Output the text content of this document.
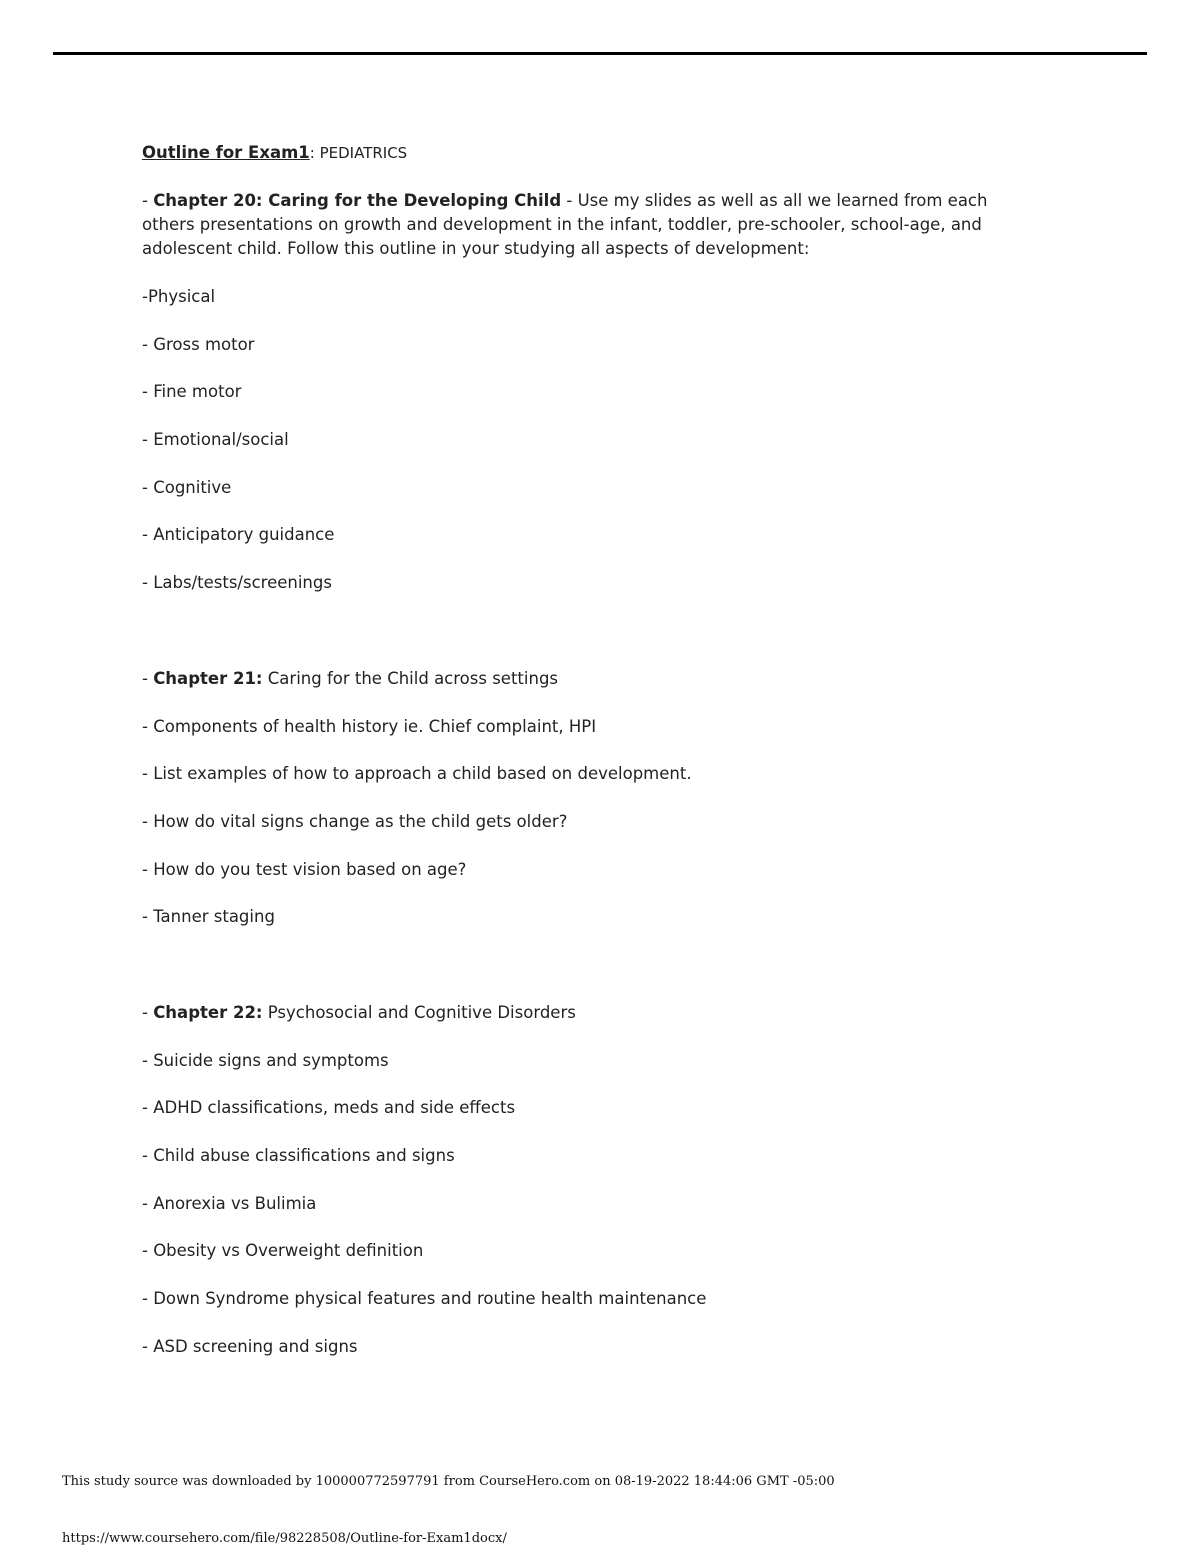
Outline for Exam1: PEDIATRICS

- Chapter 20: Caring for the Developing Child - Use my slides as well as all we learned from each others presentations on growth and development in the infant, toddler, pre-schooler, school-age, and adolescent child. Follow this outline in your studying all aspects of development:

-Physical
- Gross motor
- Fine motor
- Emotional/social
- Cognitive
- Anticipatory guidance
- Labs/tests/screenings
- Chapter 21: Caring for the Child across settings
- Components of health history ie. Chief complaint, HPI
- List examples of how to approach a child based on development.
- How do vital signs change as the child gets older?
- How do you test vision based on age?
- Tanner staging
- Chapter 22: Psychosocial and Cognitive Disorders
- Suicide signs and symptoms
- ADHD classifications, meds and side effects
- Child abuse classifications and signs
- Anorexia vs Bulimia
- Obesity vs Overweight definition
- Down Syndrome physical features and routine health maintenance
- ASD screening and signs
This study source was downloaded by 100000772597791 from CourseHero.com on 08-19-2022 18:44:06 GMT -05:00
https://www.coursehero.com/file/98228508/Outline-for-Exam1docx/
